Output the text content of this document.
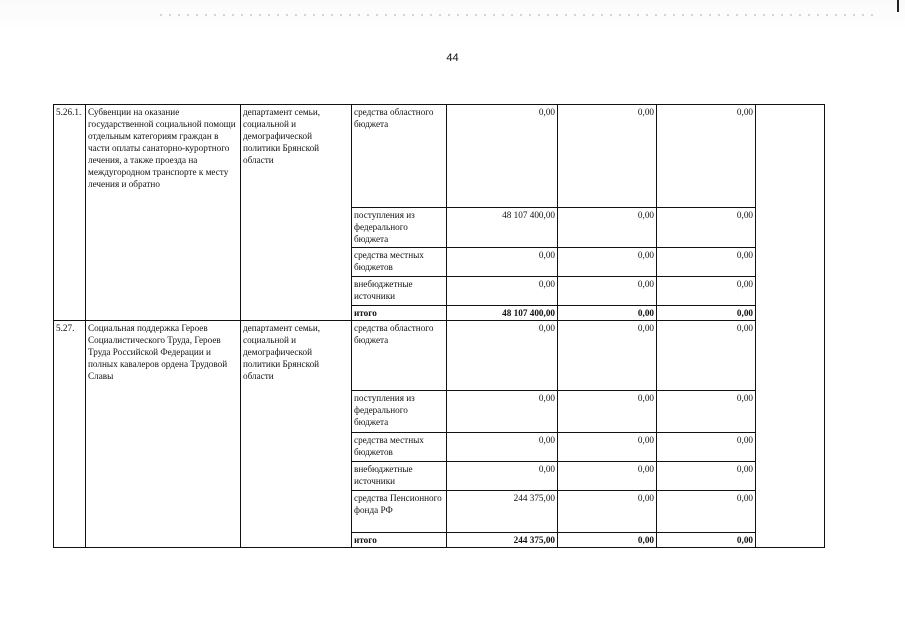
44
5.26.1.	Субвенции на оказание государственной социальной помощи отдельным категориям граждан в части оплаты санаторно-курортного лечения, а также проезда на междугородном транспорте к месту лечения и обратно	департамент семьи, социальной и демографической политики Брянской области	средства областного бюджета	0,00	0,00	0,00	
			поступления из федерального бюджета	48 107 400,00	0,00	0,00	
			средства местных бюджетов	0,00	0,00	0,00	
			внебюджетные источники	0,00	0,00	0,00	
			итого	48 107 400,00	0,00	0,00	
5.27.	Социальная поддержка Героев Социалистического Труда, Героев Труда Российской Федерации и полных кавалеров ордена Трудовой Славы	департамент семьи, социальной и демографической политики Брянской области	средства областного бюджета	0,00	0,00	0,00	
			поступления из федерального бюджета	0,00	0,00	0,00	
			средства местных бюджетов	0,00	0,00	0,00	
			внебюджетные источники	0,00	0,00	0,00	
			средства Пенсионного фонда РФ	244 375,00	0,00	0,00	
			итого	244 375,00	0,00	0,00	
